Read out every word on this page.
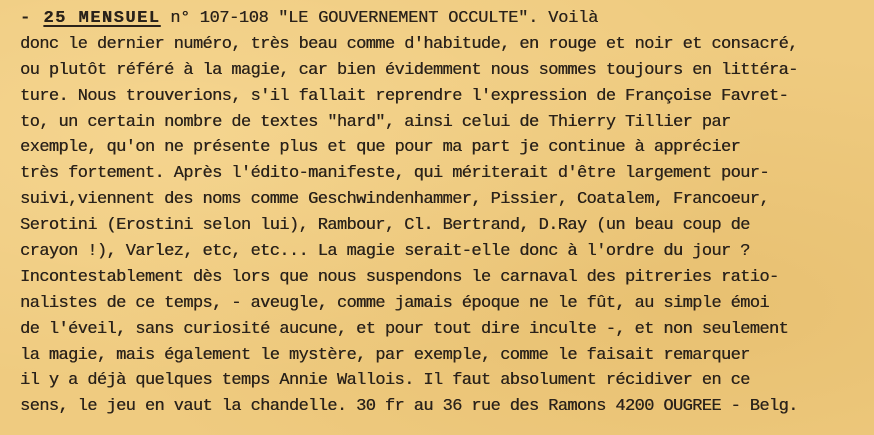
- 25 MENSUEL n° 107-108 "LE GOUVERNEMENT OCCULTE". Voilà
donc le dernier numéro, très beau comme d'habitude, en rouge et noir et consacré,
ou plutôt référé à la magie, car bien évidemment nous sommes toujours en littéra-
ture. Nous trouverions, s'il fallait reprendre l'expression de Françoise Favret-
to, un certain nombre de textes "hard", ainsi celui de Thierry Tillier par
exemple, qu'on ne présente plus et que pour ma part je continue à apprécier
très fortement. Après l'édito-manifeste, qui mériterait d'être largement pour-
suivi,viennent des noms comme Geschwindenhammer, Pissier, Coatalem, Francoeur,
Serotini (Erostini selon lui), Rambour, Cl. Bertrand, D.Ray (un beau coup de
crayon !), Varlez, etc, etc... La magie serait-elle donc à l'ordre du jour ?
Incontestablement dès lors que nous suspendons le carnaval des pitreries ratio-
nalistes de ce temps, - aveugle, comme jamais époque ne le fût, au simple émoi
de l'éveil, sans curiosité aucune, et pour tout dire inculte -, et non seulement
la magie, mais également le mystère, par exemple, comme le faisait remarquer
il y a déjà quelques temps Annie Wallois. Il faut absolument récidiver en ce
sens, le jeu en vaut la chandelle. 30 fr au 36 rue des Ramons 4200 OUGREE - Belg.
